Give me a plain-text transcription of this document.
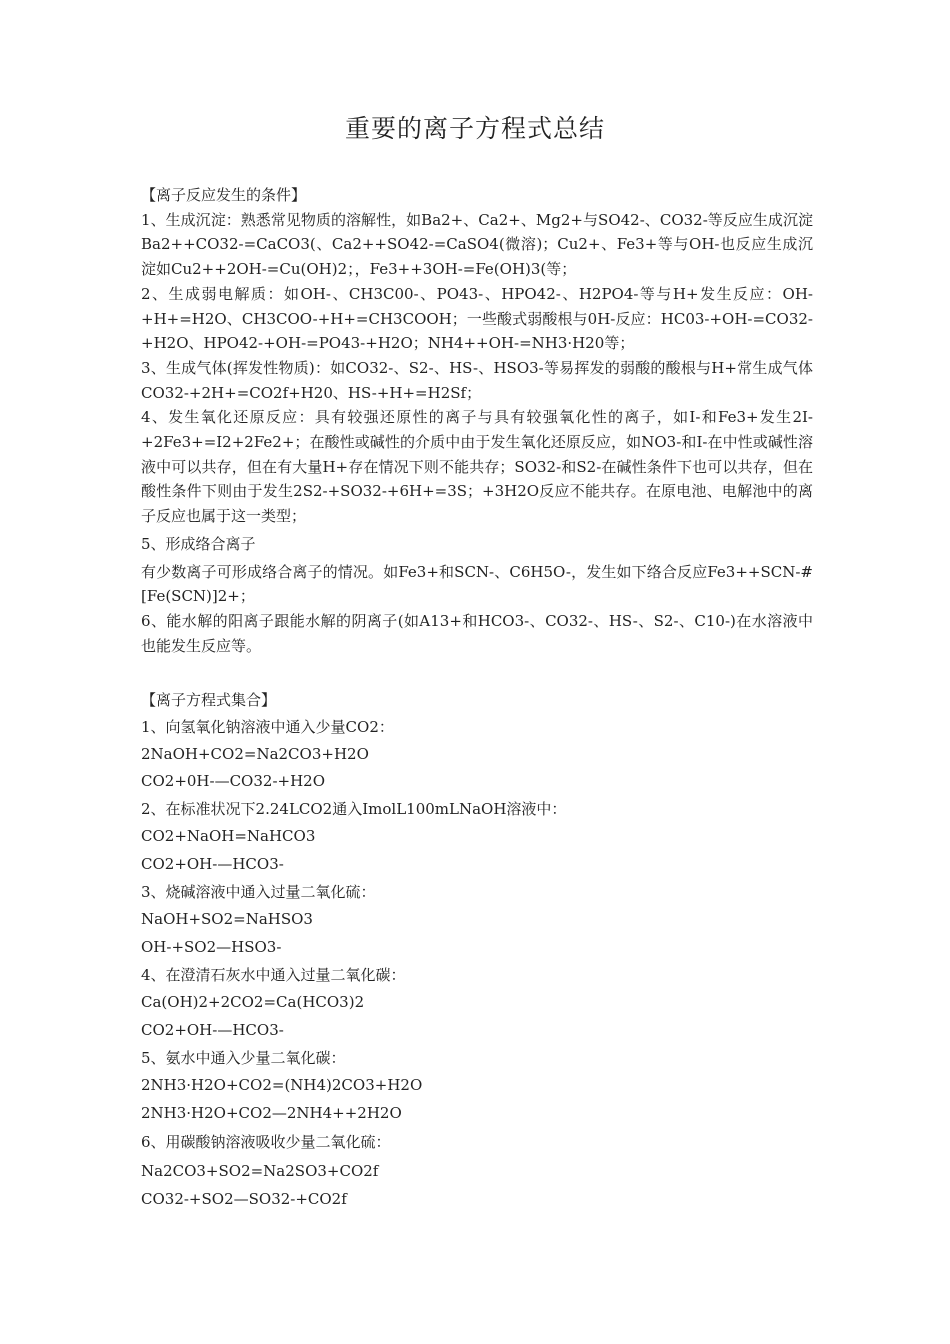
重要的离子方程式总结

【离子反应发生的条件】

1、生成沉淀：熟悉常见物质的溶解性，如Ba2+、Ca2+、Mg2+与SO42-、CO32-等反应生成沉淀Ba2++CO32-=CaCO3(、Ca2++SO42-=CaSO4(微溶)；Cu2+、Fe3+等与OH-也反应生成沉淀如Cu2++2OH-=Cu(OH)2；，Fe3++3OH-=Fe(OH)3(等；

2、生成弱电解质：如OH-、CH3C00-、PO43-、HPO42-、H2PO4-等与H+发生反应：OH-+H+=H2O、CH3COO-+H+=CH3COOH；一些酸式弱酸根与0H-反应：HC03-+OH-=CO32-+H2O、HPO42-+OH-=PO43-+H2O；NH4++OH-=NH3·H20等；

3、生成气体(挥发性物质)：如CO32-、S2-、HS-、HSO3-等易挥发的弱酸的酸根与H+常生成气体CO32-+2H+=CO2f+H20、HS-+H+=H2Sf；

4、发生氧化还原反应：具有较强还原性的离子与具有较强氧化性的离子，如I-和Fe3+发生2I-+2Fe3+=I2+2Fe2+；在酸性或碱性的介质中由于发生氧化还原反应，如NO3-和I-在中性或碱性溶液中可以共存，但在有大量H+存在情况下则不能共存；SO32-和S2-在碱性条件下也可以共存，但在酸性条件下则由于发生2S2-+SO32-+6H+=3S；+3H2O反应不能共存。在原电池、电解池中的离子反应也属于这一类型；

5、形成络合离子

有少数离子可形成络合离子的情况。如Fe3+和SCN-、C6H5O-，发生如下络合反应Fe3++SCN-#[Fe(SCN)]2+；

6、能水解的阳离子跟能水解的阴离子(如A13+和HCO3-、CO32-、HS-、S2-、C10-)在水溶液中也能发生反应等。

【离子方程式集合】

1、向氢氧化钠溶液中通入少量CO2：

2NaOH+CO2=Na2CO3+H2O

CO2+0H-—CO32-+H2O

2、在标准状况下2.24LCO2通入ImolL100mLNaOH溶液中：

CO2+NaOH=NaHCO3

CO2+OH-—HCO3-

3、烧碱溶液中通入过量二氧化硫：

NaOH+SO2=NaHSO3

OH-+SO2—HSO3-

4、在澄清石灰水中通入过量二氧化碳：

Ca(OH)2+2CO2=Ca(HCO3)2

CO2+OH-—HCO3-

5、氨水中通入少量二氧化碳：

2NH3·H2O+CO2=(NH4)2CO3+H2O

2NH3·H2O+CO2—2NH4++2H2O

6、用碳酸钠溶液吸收少量二氧化硫：

Na2CO3+SO2=Na2SO3+CO2f

CO32-+SO2—SO32-+CO2f
